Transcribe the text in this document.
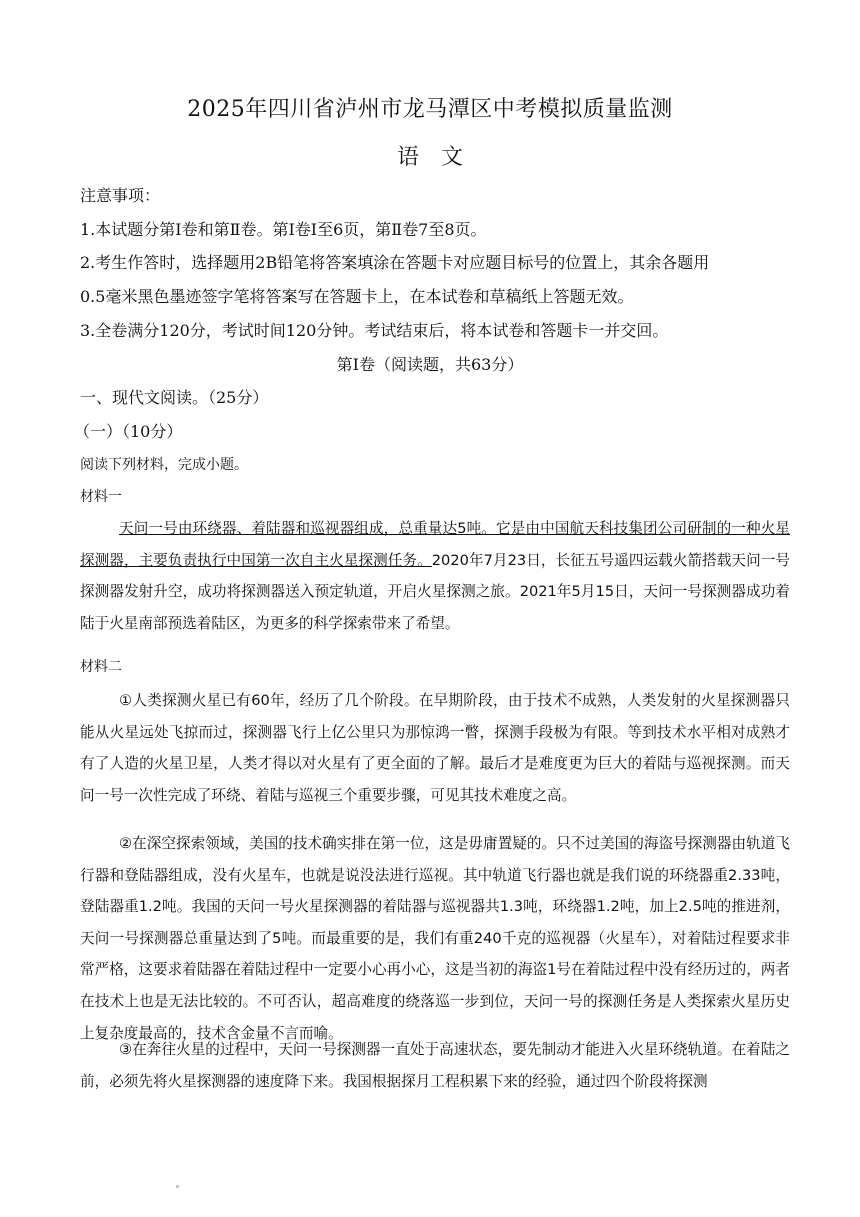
2025年四川省泸州市龙马潭区中考模拟质量监测
语文
注意事项：
1.本试题分第Ⅰ卷和第Ⅱ卷。第Ⅰ卷Ⅰ至6页，第Ⅱ卷7至8页。
2.考生作答时，选择题用2B铅笔将答案填涂在答题卡对应题目标号的位置上，其余各题用
0.5毫米黑色墨迹签字笔将答案写在答题卡上，在本试卷和草稿纸上答题无效。
3.全卷满分120分，考试时间120分钟。考试结束后，将本试卷和答题卡一并交回。
第Ⅰ卷（阅读题，共63分）
一、现代文阅读。（25分）
（一）（10分）
阅读下列材料，完成小题。
材料一

天问一号由环绕器、着陆器和巡视器组成，总重量达5吨。它是由中国航天科技集团公司研制的一种火星探测器，主要负责执行中国第一次自主火星探测任务。2020年7月23日，长征五号遥四运载火箭搭载天问一号探测器发射升空，成功将探测器送入预定轨道，开启火星探测之旅。2021年5月15日，天问一号探测器成功着陆于火星南部预选着陆区，为更多的科学探索带来了希望。

材料二

①人类探测火星已有60年，经历了几个阶段。在早期阶段，由于技术不成熟，人类发射的火星探测器只能从火星远处飞掠而过，探测器飞行上亿公里只为那惊鸿一瞥，探测手段极为有限。等到技术水平相对成熟才有了人造的火星卫星，人类才得以对火星有了更全面的了解。最后才是难度更为巨大的着陆与巡视探测。而天问一号一次性完成了环绕、着陆与巡视三个重要步骤，可见其技术难度之高。

②在深空探索领域，美国的技术确实排在第一位，这是毋庸置疑的。只不过美国的海盗号探测器由轨道飞行器和登陆器组成，没有火星车，也就是说没法进行巡视。其中轨道飞行器也就是我们说的环绕器重2.33吨，登陆器重1.2吨。我国的天问一号火星探测器的着陆器与巡视器共1.3吨，环绕器1.2吨，加上2.5吨的推进剂，天问一号探测器总重量达到了5吨。而最重要的是，我们有重240千克的巡视器（火星车），对着陆过程要求非常严格，这要求着陆器在着陆过程中一定要小心再小心，这是当初的海盗1号在着陆过程中没有经历过的，两者在技术上也是无法比较的。不可否认，超高难度的绕落巡一步到位，天问一号的探测任务是人类探索火星历史上复杂度最高的，技术含金量不言而喻。

③在奔往火星的过程中，天问一号探测器一直处于高速状态，要先制动才能进入火星环绕轨道。在着陆之前，必须先将火星探测器的速度降下来。我国根据探月工程积累下来的经验，通过四个阶段将探测
